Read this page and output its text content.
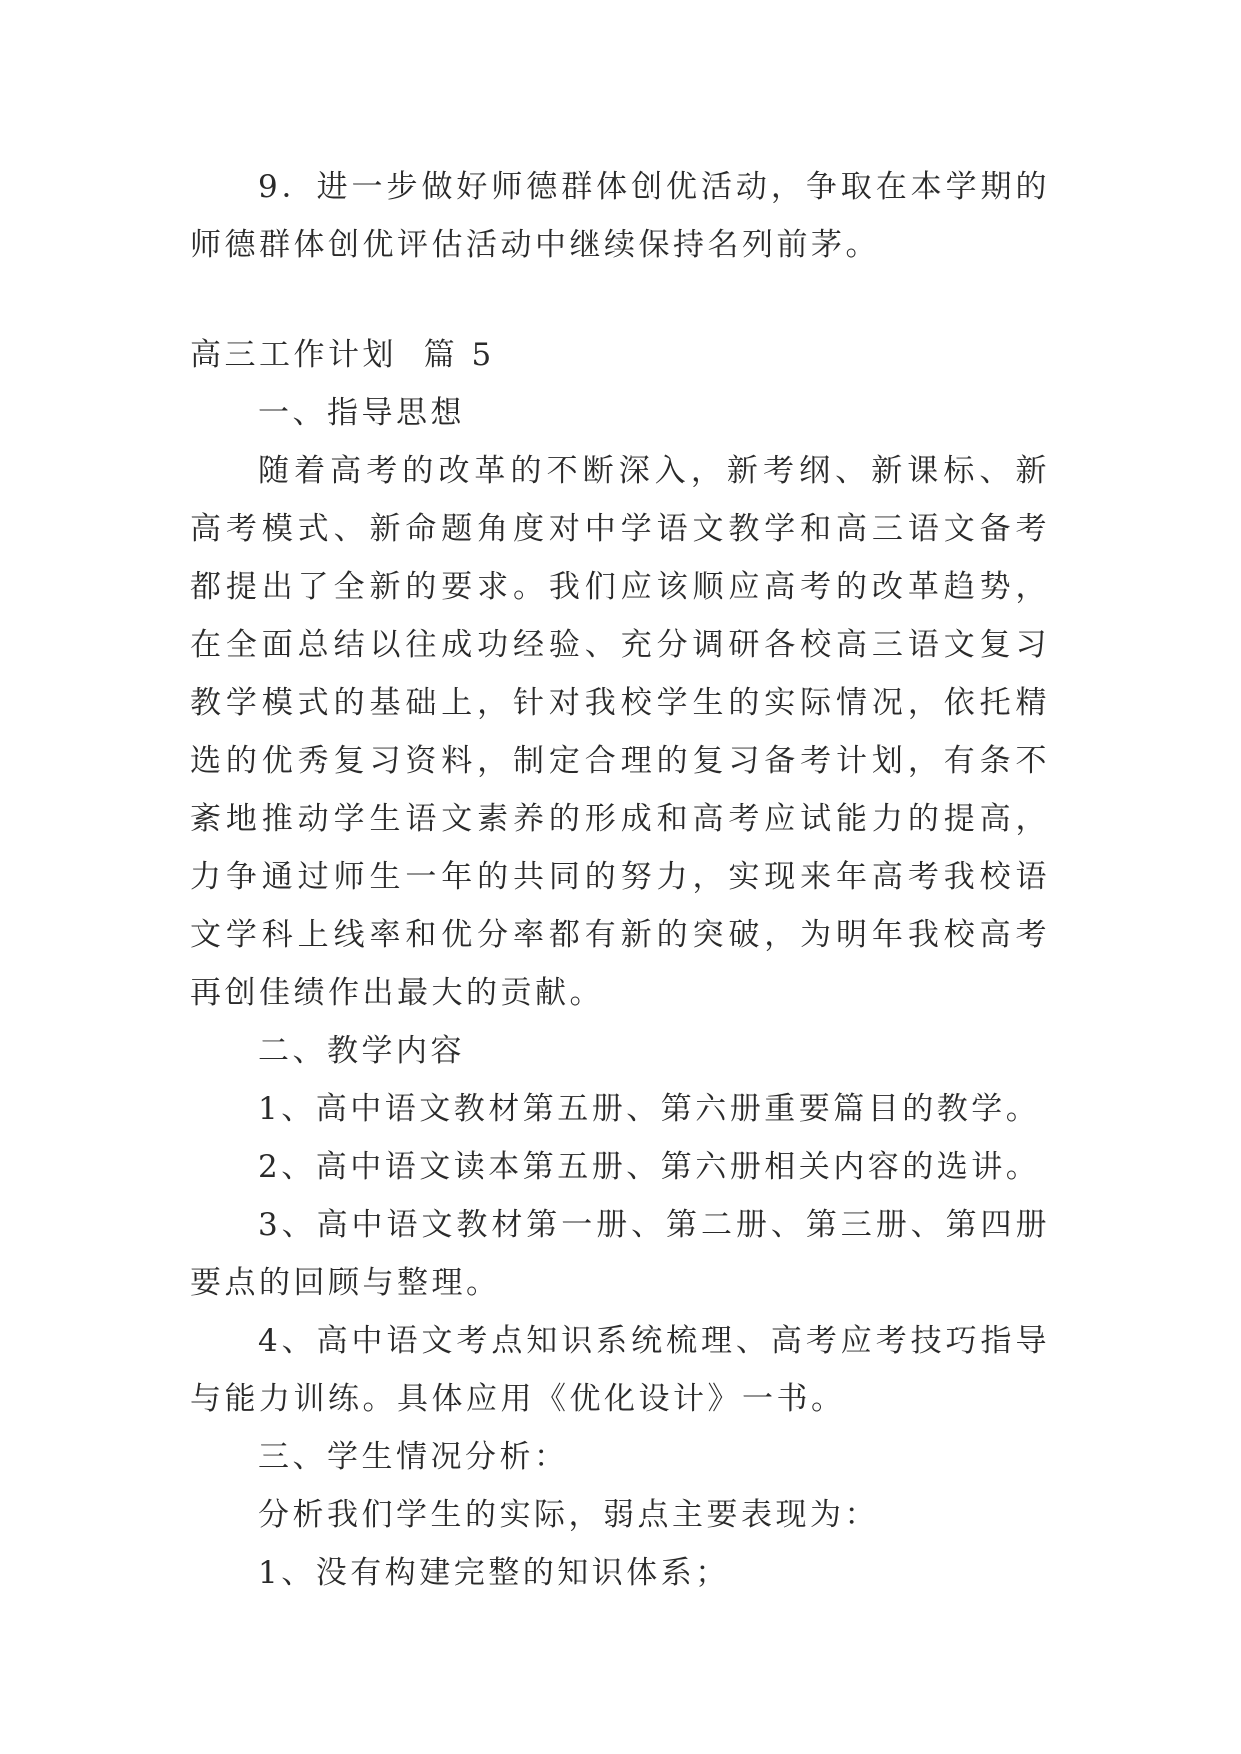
9．进一步做好师德群体创优活动，争取在本学期的师德群体创优评估活动中继续保持名列前茅。

高三工作计划  篇 5

一、指导思想

随着高考的改革的不断深入，新考纲、新课标、新高考模式、新命题角度对中学语文教学和高三语文备考都提出了全新的要求。我们应该顺应高考的改革趋势，在全面总结以往成功经验、充分调研各校高三语文复习教学模式的基础上，针对我校学生的实际情况，依托精选的优秀复习资料，制定合理的复习备考计划，有条不紊地推动学生语文素养的形成和高考应试能力的提高，力争通过师生一年的共同的努力，实现来年高考我校语文学科上线率和优分率都有新的突破，为明年我校高考再创佳绩作出最大的贡献。

二、教学内容

1、高中语文教材第五册、第六册重要篇目的教学。

2、高中语文读本第五册、第六册相关内容的选讲。

3、高中语文教材第一册、第二册、第三册、第四册要点的回顾与整理。

4、高中语文考点知识系统梳理、高考应考技巧指导与能力训练。具体应用《优化设计》一书。

三、学生情况分析：

分析我们学生的实际，弱点主要表现为：

1、没有构建完整的知识体系；
